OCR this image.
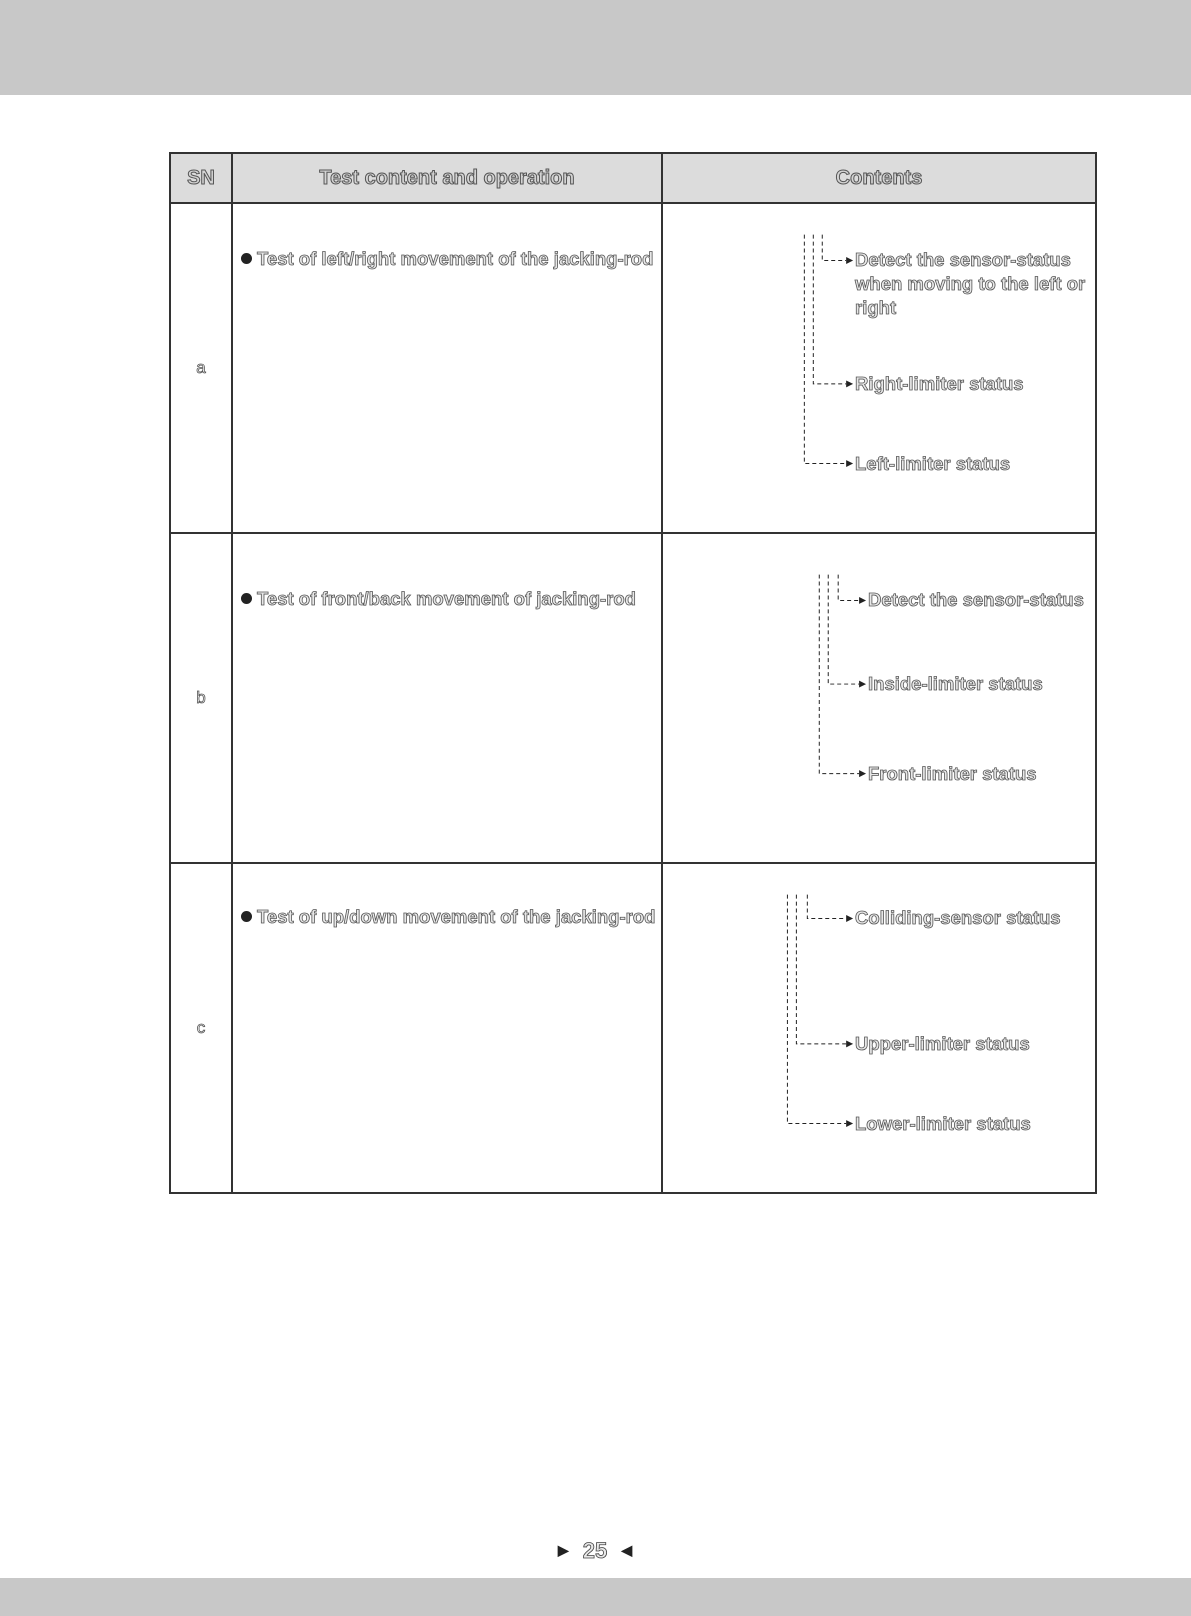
SN	Test content and operation	Contents
a	Test of left/right movement of the jacking-rod	Detect the sensor-status when moving to the left or right
Right-limiter status
Left-limiter status

b	Test of front/back movement of jacking-rod	Detect the sensor-status
Inside-limiter status
Front-limiter status

c	Test of up/down movement of the jacking-rod	Colliding-sensor status
Upper-limiter status
Lower-limiter status
▶ 25 ◀
